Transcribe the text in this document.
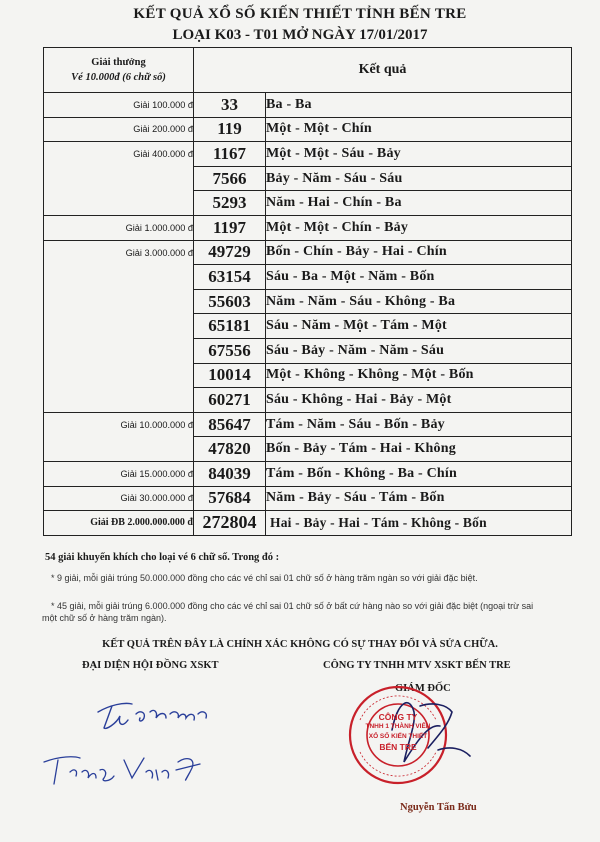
KẾT QUẢ XỔ SỐ KIẾN THIẾT TỈNH BẾN TRE
LOẠI K03 - T01 MỞ NGÀY 17/01/2017
Giải thưởng
Vé 10.000đ (6 chữ số)	Kết quả	
Giải 100.000 đ	33	Ba - Ba
Giải 200.000 đ	119	Một - Một - Chín
Giải 400.000 đ	1167	Một - Một - Sáu - Bảy
	7566	Bảy - Năm - Sáu - Sáu
	5293	Năm - Hai - Chín - Ba
Giải 1.000.000 đ	1197	Một - Một - Chín - Bảy
Giải 3.000.000 đ	49729	Bốn - Chín - Bảy - Hai - Chín
	63154	Sáu - Ba - Một - Năm - Bốn
	55603	Năm - Năm - Sáu - Không - Ba
	65181	Sáu - Năm - Một - Tám - Một
	67556	Sáu - Bảy - Năm - Năm - Sáu
	10014	Một - Không - Không - Một - Bốn
	60271	Sáu - Không - Hai - Bảy - Một
Giải 10.000.000 đ	85647	Tám - Năm - Sáu - Bốn - Bảy
	47820	Bốn - Bảy - Tám - Hai - Không
Giải 15.000.000 đ	84039	Tám - Bốn - Không - Ba - Chín
Giải 30.000.000 đ	57684	Năm - Bảy - Sáu - Tám - Bốn
Giải ĐB 2.000.000.000 đ	272804	Hai - Bảy - Hai - Tám - Không - Bốn
54 giải khuyến khích cho loại vé 6 chữ số. Trong đó :
* 9 giải, mỗi giải trúng 50.000.000 đồng cho các vé chỉ sai 01 chữ số ở hàng trăm ngàn so với giải đặc biệt.
* 45 giải, mỗi giải trúng 6.000.000 đồng cho các vé chỉ sai 01 chữ số ở bất cứ hàng nào so với giải đặc biệt (ngoại trừ sai
một chữ số ở hàng trăm ngàn).
KẾT QUẢ TRÊN ĐÂY LÀ CHÍNH XÁC KHÔNG CÓ SỰ THAY ĐỔI VÀ SỬA CHỮA.
ĐẠI DIỆN HỘI ĐỒNG XSKT	CÔNG TY TNHH MTV XSKT BẾN TRE
GIÁM ĐỐC
CÔNG TY
TNHH 1 THÀNH VIÊN
XỔ SỐ KIẾN THIẾT
BẾN TRE
Nguyễn Tấn Bửu
